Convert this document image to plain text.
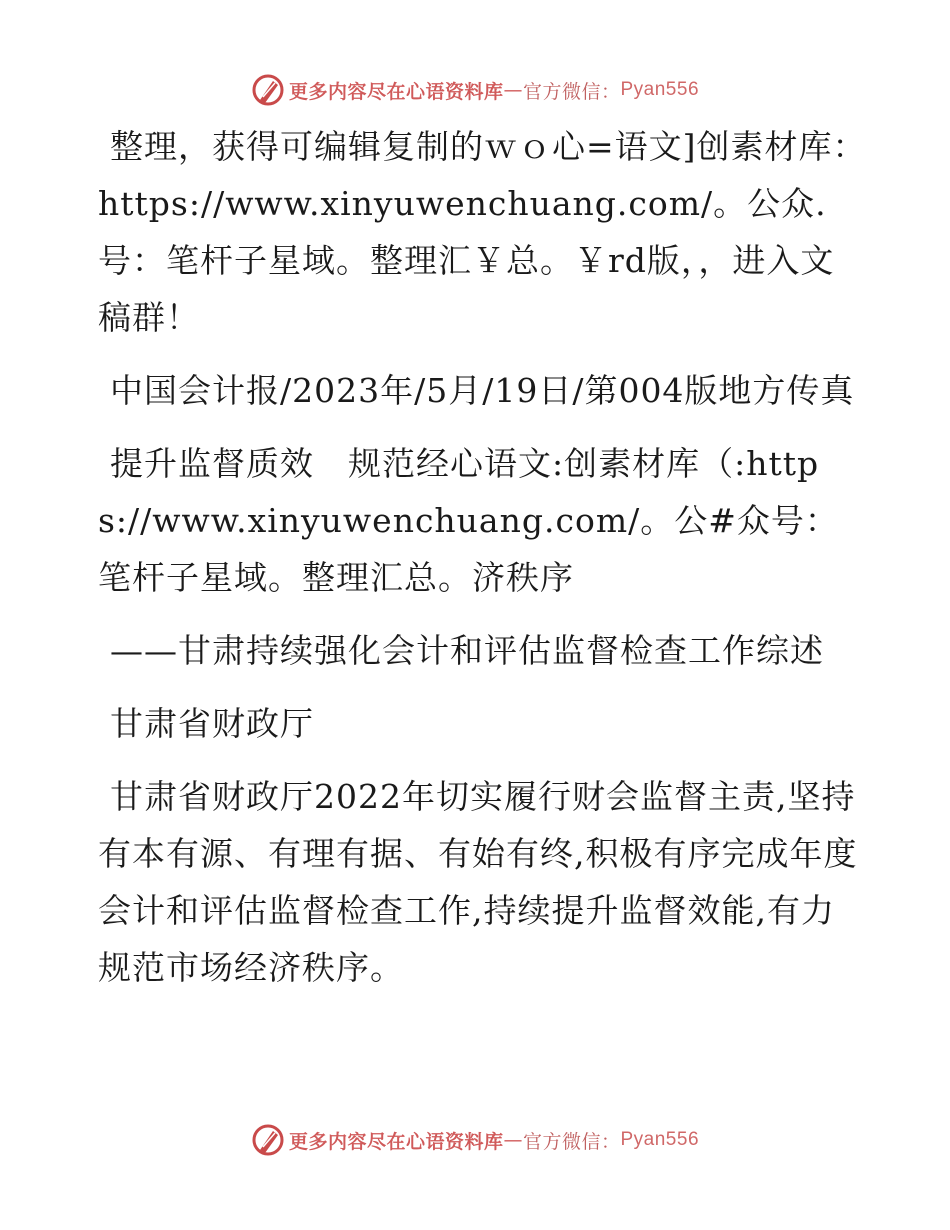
更多内容尽在心语资料库 — 官方微信： Pyan556

整理，获得可编辑复制的ｗｏ心=语文]创素材库：https://www.xinyuwenchuang.com/。公众.号：笔杆子星域。整理汇￥总。￥rd版，，进入文稿群！

中国会计报/2023年/5月/19日/第004版地方传真

提升监督质效　规范经心语文:创素材库（:https://www.xinyuwenchuang.com/。公#众号：笔杆子星域。整理汇总。济秩序

——甘肃持续强化会计和评估监督检查工作综述

甘肃省财政厅

甘肃省财政厅2022年切实履行财会监督主责,坚持有本有源、有理有据、有始有终,积极有序完成年度会计和评估监督检查工作,持续提升监督效能,有力规范市场经济秩序。

更多内容尽在心语资料库 — 官方微信： Pyan556
